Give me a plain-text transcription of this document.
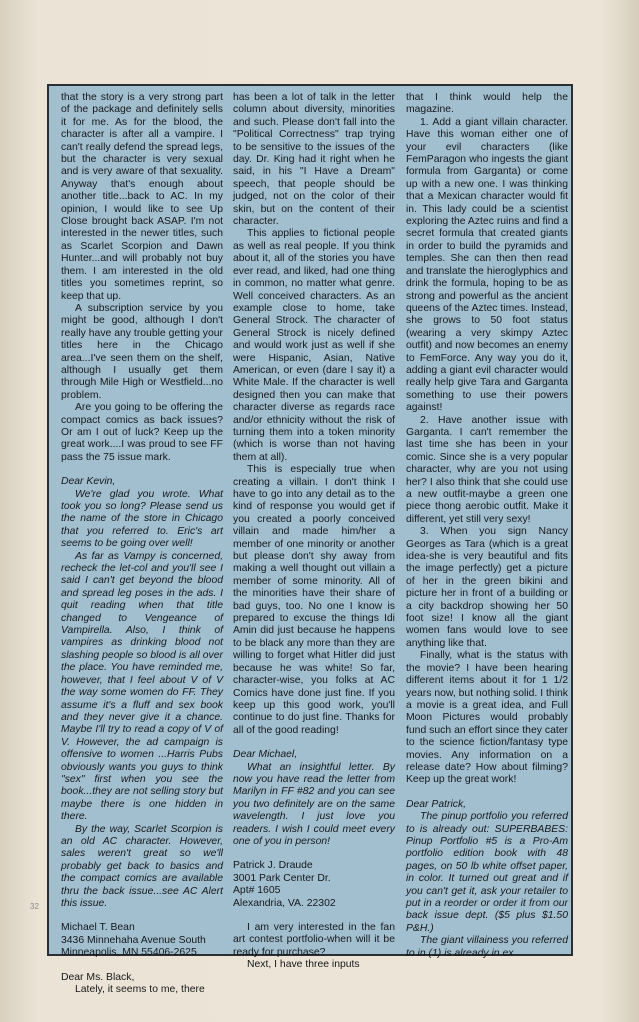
32

that the story is a very strong part of the package and definitely sells it for me. As for the blood, the character is after all a vampire. I can't really defend the spread legs, but the character is very sexual and is very aware of that sexuality. Anyway that's enough about another title...back to AC. In my opinion, I would like to see Up Close brought back ASAP. I'm not interested in the newer titles, such as Scarlet Scorpion and Dawn Hunter...and will probably not buy them. I am interested in the old titles you sometimes reprint, so keep that up.

A subscription service by you might be good, although I don't really have any trouble getting your titles here in the Chicago area...I've seen them on the shelf, although I usually get them through Mile High or Westfield...no problem.

Are you going to be offering the compact comics as back issues? Or am I out of luck? Keep up the great work....I was proud to see FF pass the 75 issue mark.

Dear Kevin,

We're glad you wrote. What took you so long? Please send us the name of the store in Chicago that you referred to. Eric's art seems to be going over well!

As far as Vampy is concerned, recheck the let-col and you'll see I said I can't get beyond the blood and spread leg poses in the ads. I quit reading when that title changed to Vengeance of Vampirella. Also, I think of vampires as drinking blood not slashing people so blood is all over the place. You have reminded me, however, that I feel about V of V the way some women do FF. They assume it's a fluff and sex book and they never give it a chance. Maybe I'll try to read a copy of V of V. However, the ad campaign is offensive to women ...Harris Pubs obviously wants you guys to think "sex" first when you see the book...they are not selling story but maybe there is one hidden in there.

By the way, Scarlet Scorpion is an old AC character. However, sales weren't great so we'll probably get back to basics and the compact comics are available thru the back issue...see AC Alert this issue.

Michael T. Bean
3436 Minnehaha Avenue South
Minneapolis, MN 55406-2625

Dear Ms. Black,

Lately, it seems to me, there

has been a lot of talk in the letter column about diversity, minorities and such. Please don't fall into the "Political Correctness" trap trying to be sensitive to the issues of the day. Dr. King had it right when he said, in his "I Have a Dream" speech, that people should be judged, not on the color of their skin, but on the content of their character.

This applies to fictional people as well as real people. If you think about it, all of the stories you have ever read, and liked, had one thing in common, no matter what genre. Well conceived characters. As an example close to home, take General Strock. The character of General Strock is nicely defined and would work just as well if she were Hispanic, Asian, Native American, or even (dare I say it) a White Male. If the character is well designed then you can make that character diverse as regards race and/or ethnicity without the risk of turning them into a token minority (which is worse than not having them at all).

This is especially true when creating a villain. I don't think I have to go into any detail as to the kind of response you would get if you created a poorly conceived villain and made him/her a member of one minority or another but please don't shy away from making a well thought out villain a member of some minority. All of the minorities have their share of bad guys, too. No one I know is prepared to excuse the things Idi Amin did just because he happens to be black any more than they are willing to forget what Hitler did just because he was white! So far, character-wise, you folks at AC Comics have done just fine. If you keep up this good work, you'll continue to do just fine. Thanks for all of the good reading!

Dear Michael,

What an insightful letter. By now you have read the letter from Marilyn in FF #82 and you can see you two definitely are on the same wavelength. I just love you readers. I wish I could meet every one of you in person!

Patrick J. Draude
3001 Park Center Dr.
Apt# 1605
Alexandria, VA. 22302

I am very interested in the fan art contest portfolio-when will it be ready for purchase?

Next, I have three inputs

that I think would help the magazine.

1. Add a giant villain character. Have this woman either one of your evil characters (like FemParagon who ingests the giant formula from Garganta) or come up with a new one. I was thinking that a Mexican character would fit in. This lady could be a scientist exploring the Aztec ruins and find a secret formula that created giants in order to build the pyramids and temples. She can then then read and translate the hieroglyphics and drink the formula, hoping to be as strong and powerful as the ancient queens of the Aztec times. Instead, she grows to 50 foot status (wearing a very skimpy Aztec outfit) and now becomes an enemy to FemForce. Any way you do it, adding a giant evil character would really help give Tara and Garganta something to use their powers against!

2. Have another issue with Garganta. I can't remember the last time she has been in your comic. Since she is a very popular character, why are you not using her? I also think that she could use a new outfit-maybe a green one piece thong aerobic outfit. Make it different, yet still very sexy!

3. When you sign Nancy Georges as Tara (which is a great idea-she is very beautiful and fits the image perfectly) get a picture of her in the green bikini and picture her in front of a building or a city backdrop showing her 50 foot size! I know all the giant women fans would love to see anything like that.

Finally, what is the status with the movie? I have been hearing different items about it for 1 1/2 years now, but nothing solid. I think a movie is a great idea, and Full Moon Pictures would probably fund such an effort since they cater to the science fiction/fantasy type movies. Any information on a release date? How about filming? Keep up the great work!

Dear Patrick,

The pinup portfolio you referred to is already out: SUPERBABES: Pinup Portfolio #5 is a Pro-Am portfolio edition book with 48 pages, on 50 lb white offset paper, in color. It turned out great and if you can't get it, ask your retailer to put in a reorder or order it from our back issue dept. ($5 plus $1.50 P&H.)

The giant villainess you referred to in (1) is already in ex
